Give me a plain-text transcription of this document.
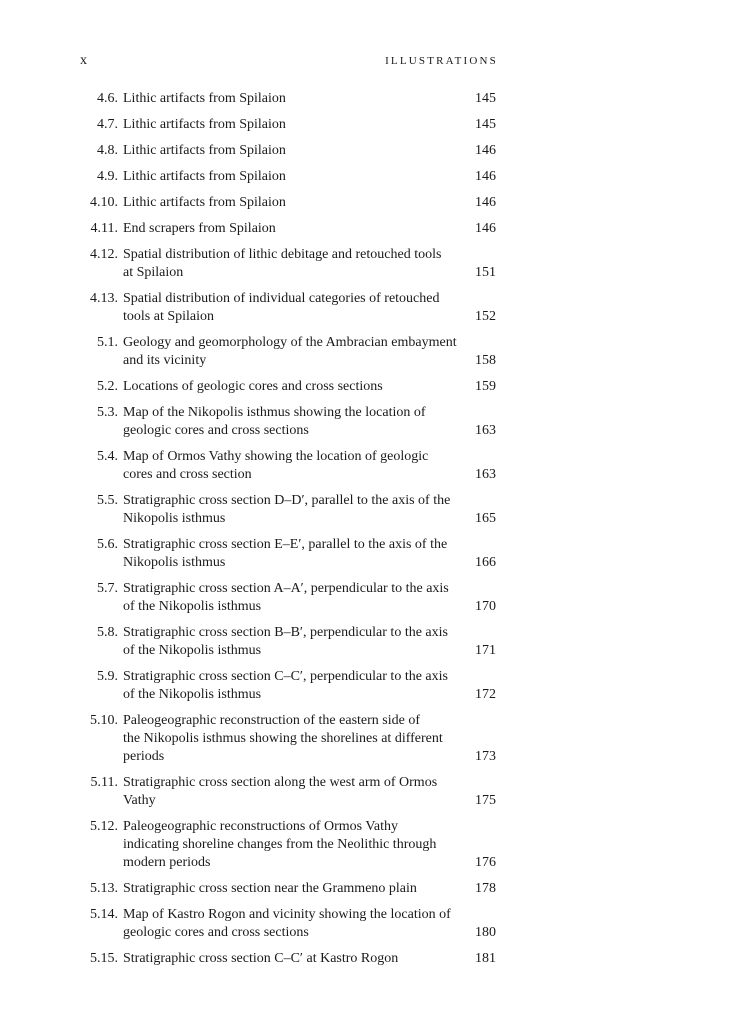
x	ILLUSTRATIONS
4.6. Lithic artifacts from Spilaion	145
4.7. Lithic artifacts from Spilaion	145
4.8. Lithic artifacts from Spilaion	146
4.9. Lithic artifacts from Spilaion	146
4.10. Lithic artifacts from Spilaion	146
4.11. End scrapers from Spilaion	146
4.12. Spatial distribution of lithic debitage and retouched tools
at Spilaion	151
4.13. Spatial distribution of individual categories of retouched
tools at Spilaion	152
5.1. Geology and geomorphology of the Ambracian embayment
and its vicinity	158
5.2. Locations of geologic cores and cross sections	159
5.3. Map of the Nikopolis isthmus showing the location of
geologic cores and cross sections	163
5.4. Map of Ormos Vathy showing the location of geologic
cores and cross section	163
5.5. Stratigraphic cross section D–D′, parallel to the axis of the
Nikopolis isthmus	165
5.6. Stratigraphic cross section E–E′, parallel to the axis of the
Nikopolis isthmus	166
5.7. Stratigraphic cross section A–A′, perpendicular to the axis
of the Nikopolis isthmus	170
5.8. Stratigraphic cross section B–B′, perpendicular to the axis
of the Nikopolis isthmus	171
5.9. Stratigraphic cross section C–C′, perpendicular to the axis
of the Nikopolis isthmus	172
5.10. Paleogeographic reconstruction of the eastern side of
the Nikopolis isthmus showing the shorelines at different
periods	173
5.11. Stratigraphic cross section along the west arm of Ormos
Vathy	175
5.12. Paleogeographic reconstructions of Ormos Vathy
indicating shoreline changes from the Neolithic through
modern periods	176
5.13. Stratigraphic cross section near the Grammeno plain	178
5.14. Map of Kastro Rogon and vicinity showing the location of
geologic cores and cross sections	180
5.15. Stratigraphic cross section C–C′ at Kastro Rogon	181
